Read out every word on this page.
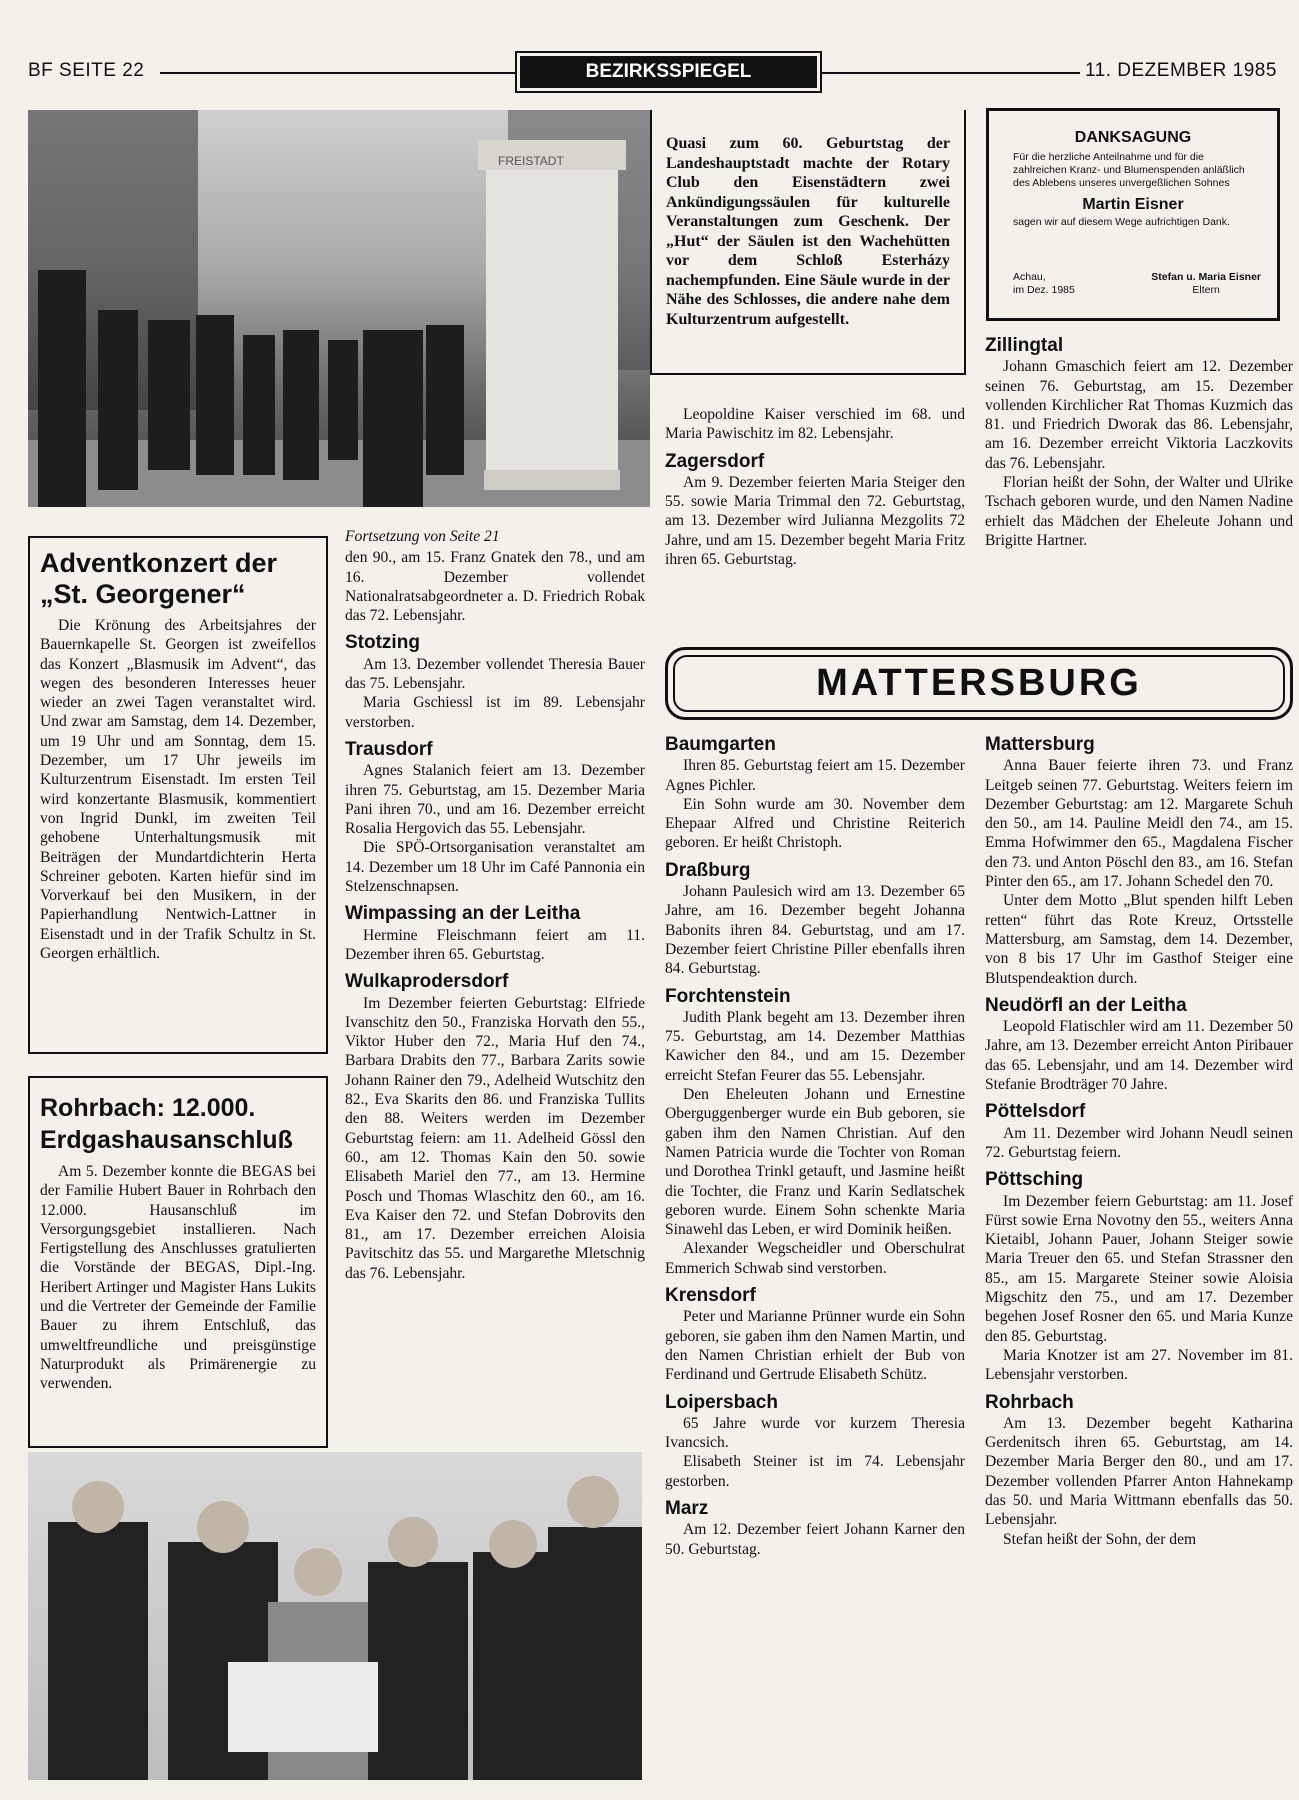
BF SEITE 22	BEZIRKSSPIEGEL	11. DEZEMBER 1985
FREISTADT
Quasi zum 60. Geburtstag der Landeshauptstadt machte der Rotary Club den Eisenstädtern zwei Ankündigungssäulen für kulturelle Veranstaltungen zum Geschenk. Der „Hut“ der Säulen ist den Wachehütten vor dem Schloß Esterházy nachempfunden. Eine Säule wurde in der Nähe des Schlosses, die andere nahe dem Kulturzentrum aufgestellt.
DANKSAGUNG
Für die herzliche Anteilnahme und für die zahlreichen Kranz- und Blumenspenden anläßlich des Ablebens unseres unvergeßlichen Sohnes
Martin Eisner
sagen wir auf diesem Wege aufrichtigen Dank.
Achau,
im Dez. 1985
Stefan u. Maria Eisner
Eltern
Adventkonzert der „St. Georgener“

Die Krönung des Arbeitsjahres der Bauernkapelle St. Georgen ist zweifellos das Konzert „Blasmusik im Advent“, das wegen des besonderen Interesses heuer wieder an zwei Tagen veranstaltet wird. Und zwar am Samstag, dem 14. Dezember, um 19 Uhr und am Sonntag, dem 15. Dezember, um 17 Uhr jeweils im Kulturzentrum Eisenstadt. Im ersten Teil wird konzertante Blasmusik, kommentiert von Ingrid Dunkl, im zweiten Teil gehobene Unterhaltungsmusik mit Beiträgen der Mundartdichterin Herta Schreiner geboten. Karten hiefür sind im Vorverkauf bei den Musikern, in der Papierhandlung Nentwich-Lattner in Eisenstadt und in der Trafik Schultz in St. Georgen erhältlich.

Rohrbach: 12.000. Erdgashausanschluß

Am 5. Dezember konnte die BEGAS bei der Familie Hubert Bauer in Rohrbach den 12.000. Hausanschluß im Versorgungsgebiet installieren. Nach Fertigstellung des Anschlusses gratulierten die Vorstände der BEGAS, Dipl.-Ing. Heribert Artinger und Magister Hans Lukits und die Vertreter der Gemeinde der Familie Bauer zu ihrem Entschluß, das umweltfreundliche und preisgünstige Naturprodukt als Primärenergie zu verwenden.

Fortsetzung von Seite 21

den 90., am 15. Franz Gnatek den 78., und am 16. Dezember vollendet Nationalratsabgeordneter a. D. Friedrich Robak das 72. Lebensjahr.

Stotzing

Am 13. Dezember vollendet Theresia Bauer das 75. Lebensjahr.

Maria Gschiessl ist im 89. Lebensjahr verstorben.

Trausdorf

Agnes Stalanich feiert am 13. Dezember ihren 75. Geburtstag, am 15. Dezember Maria Pani ihren 70., und am 16. Dezember erreicht Rosalia Hergovich das 55. Lebensjahr.

Die SPÖ-Ortsorganisation veranstaltet am 14. Dezember um 18 Uhr im Café Pannonia ein Stelzenschnapsen.

Wimpassing an der Leitha

Hermine Fleischmann feiert am 11. Dezember ihren 65. Geburtstag.

Wulkaprodersdorf

Im Dezember feierten Geburtstag: Elfriede Ivanschitz den 50., Franziska Horvath den 55., Viktor Huber den 72., Maria Huf den 74., Barbara Drabits den 77., Barbara Zarits sowie Johann Rainer den 79., Adelheid Wutschitz den 82., Eva Skarits den 86. und Franziska Tullits den 88. Weiters werden im Dezember Geburtstag feiern: am 11. Adelheid Gössl den 60., am 12. Thomas Kain den 50. sowie Elisabeth Mariel den 77., am 13. Hermine Posch und Thomas Wlaschitz den 60., am 16. Eva Kaiser den 72. und Stefan Dobrovits den 81., am 17. Dezember erreichen Aloisia Pavitschitz das 55. und Margarethe Mletschnig das 76. Lebensjahr.

Leopoldine Kaiser verschied im 68. und Maria Pawischitz im 82. Lebensjahr.

Zagersdorf

Am 9. Dezember feierten Maria Steiger den 55. sowie Maria Trimmal den 72. Geburtstag, am 13. Dezember wird Julianna Mezgolits 72 Jahre, und am 15. Dezember begeht Maria Fritz ihren 65. Geburtstag.

Zillingtal

Johann Gmaschich feiert am 12. Dezember seinen 76. Geburtstag, am 15. Dezember vollenden Kirchlicher Rat Thomas Kuzmich das 81. und Friedrich Dworak das 86. Lebensjahr, am 16. Dezember erreicht Viktoria Laczkovits das 76. Lebensjahr.

Florian heißt der Sohn, der Walter und Ulrike Tschach geboren wurde, und den Namen Nadine erhielt das Mädchen der Eheleute Johann und Brigitte Hartner.

MATTERSBURG
Baumgarten

Ihren 85. Geburtstag feiert am 15. Dezember Agnes Pichler.

Ein Sohn wurde am 30. November dem Ehepaar Alfred und Christine Reiterich geboren. Er heißt Christoph.

Draßburg

Johann Paulesich wird am 13. Dezember 65 Jahre, am 16. Dezember begeht Johanna Babonits ihren 84. Geburtstag, und am 17. Dezember feiert Christine Piller ebenfalls ihren 84. Geburtstag.

Forchtenstein

Judith Plank begeht am 13. Dezember ihren 75. Geburtstag, am 14. Dezember Matthias Kawicher den 84., und am 15. Dezember erreicht Stefan Feurer das 55. Lebensjahr.

Den Eheleuten Johann und Ernestine Oberguggenberger wurde ein Bub geboren, sie gaben ihm den Namen Christian. Auf den Namen Patricia wurde die Tochter von Roman und Dorothea Trinkl getauft, und Jasmine heißt die Tochter, die Franz und Karin Sedlatschek geboren wurde. Einem Sohn schenkte Maria Sinawehl das Leben, er wird Dominik heißen.

Alexander Wegscheidler und Oberschulrat Emmerich Schwab sind verstorben.

Krensdorf

Peter und Marianne Prünner wurde ein Sohn geboren, sie gaben ihm den Namen Martin, und den Namen Christian erhielt der Bub von Ferdinand und Gertrude Elisabeth Schütz.

Loipersbach

65 Jahre wurde vor kurzem Theresia Ivancsich.

Elisabeth Steiner ist im 74. Lebensjahr gestorben.

Marz

Am 12. Dezember feiert Johann Karner den 50. Geburtstag.

Mattersburg

Anna Bauer feierte ihren 73. und Franz Leitgeb seinen 77. Geburtstag. Weiters feiern im Dezember Geburtstag: am 12. Margarete Schuh den 50., am 14. Pauline Meidl den 74., am 15. Emma Hofwimmer den 65., Magdalena Fischer den 73. und Anton Pöschl den 83., am 16. Stefan Pinter den 65., am 17. Johann Schedel den 70.

Unter dem Motto „Blut spenden hilft Leben retten“ führt das Rote Kreuz, Ortsstelle Mattersburg, am Samstag, dem 14. Dezember, von 8 bis 17 Uhr im Gasthof Steiger eine Blutspendeaktion durch.

Neudörfl an der Leitha

Leopold Flatischler wird am 11. Dezember 50 Jahre, am 13. Dezember erreicht Anton Piribauer das 65. Lebensjahr, und am 14. Dezember wird Stefanie Brodträger 70 Jahre.

Pöttelsdorf

Am 11. Dezember wird Johann Neudl seinen 72. Geburtstag feiern.

Pöttsching

Im Dezember feiern Geburtstag: am 11. Josef Fürst sowie Erna Novotny den 55., weiters Anna Kietaibl, Johann Pauer, Johann Steiger sowie Maria Treuer den 65. und Stefan Strassner den 85., am 15. Margarete Steiner sowie Aloisia Migschitz den 75., und am 17. Dezember begehen Josef Rosner den 65. und Maria Kunze den 85. Geburtstag.

Maria Knotzer ist am 27. November im 81. Lebensjahr verstorben.

Rohrbach

Am 13. Dezember begeht Katharina Gerdenitsch ihren 65. Geburtstag, am 14. Dezember Maria Berger den 80., und am 17. Dezember vollenden Pfarrer Anton Hahnekamp das 50. und Maria Wittmann ebenfalls das 50. Lebensjahr.

Stefan heißt der Sohn, der dem
